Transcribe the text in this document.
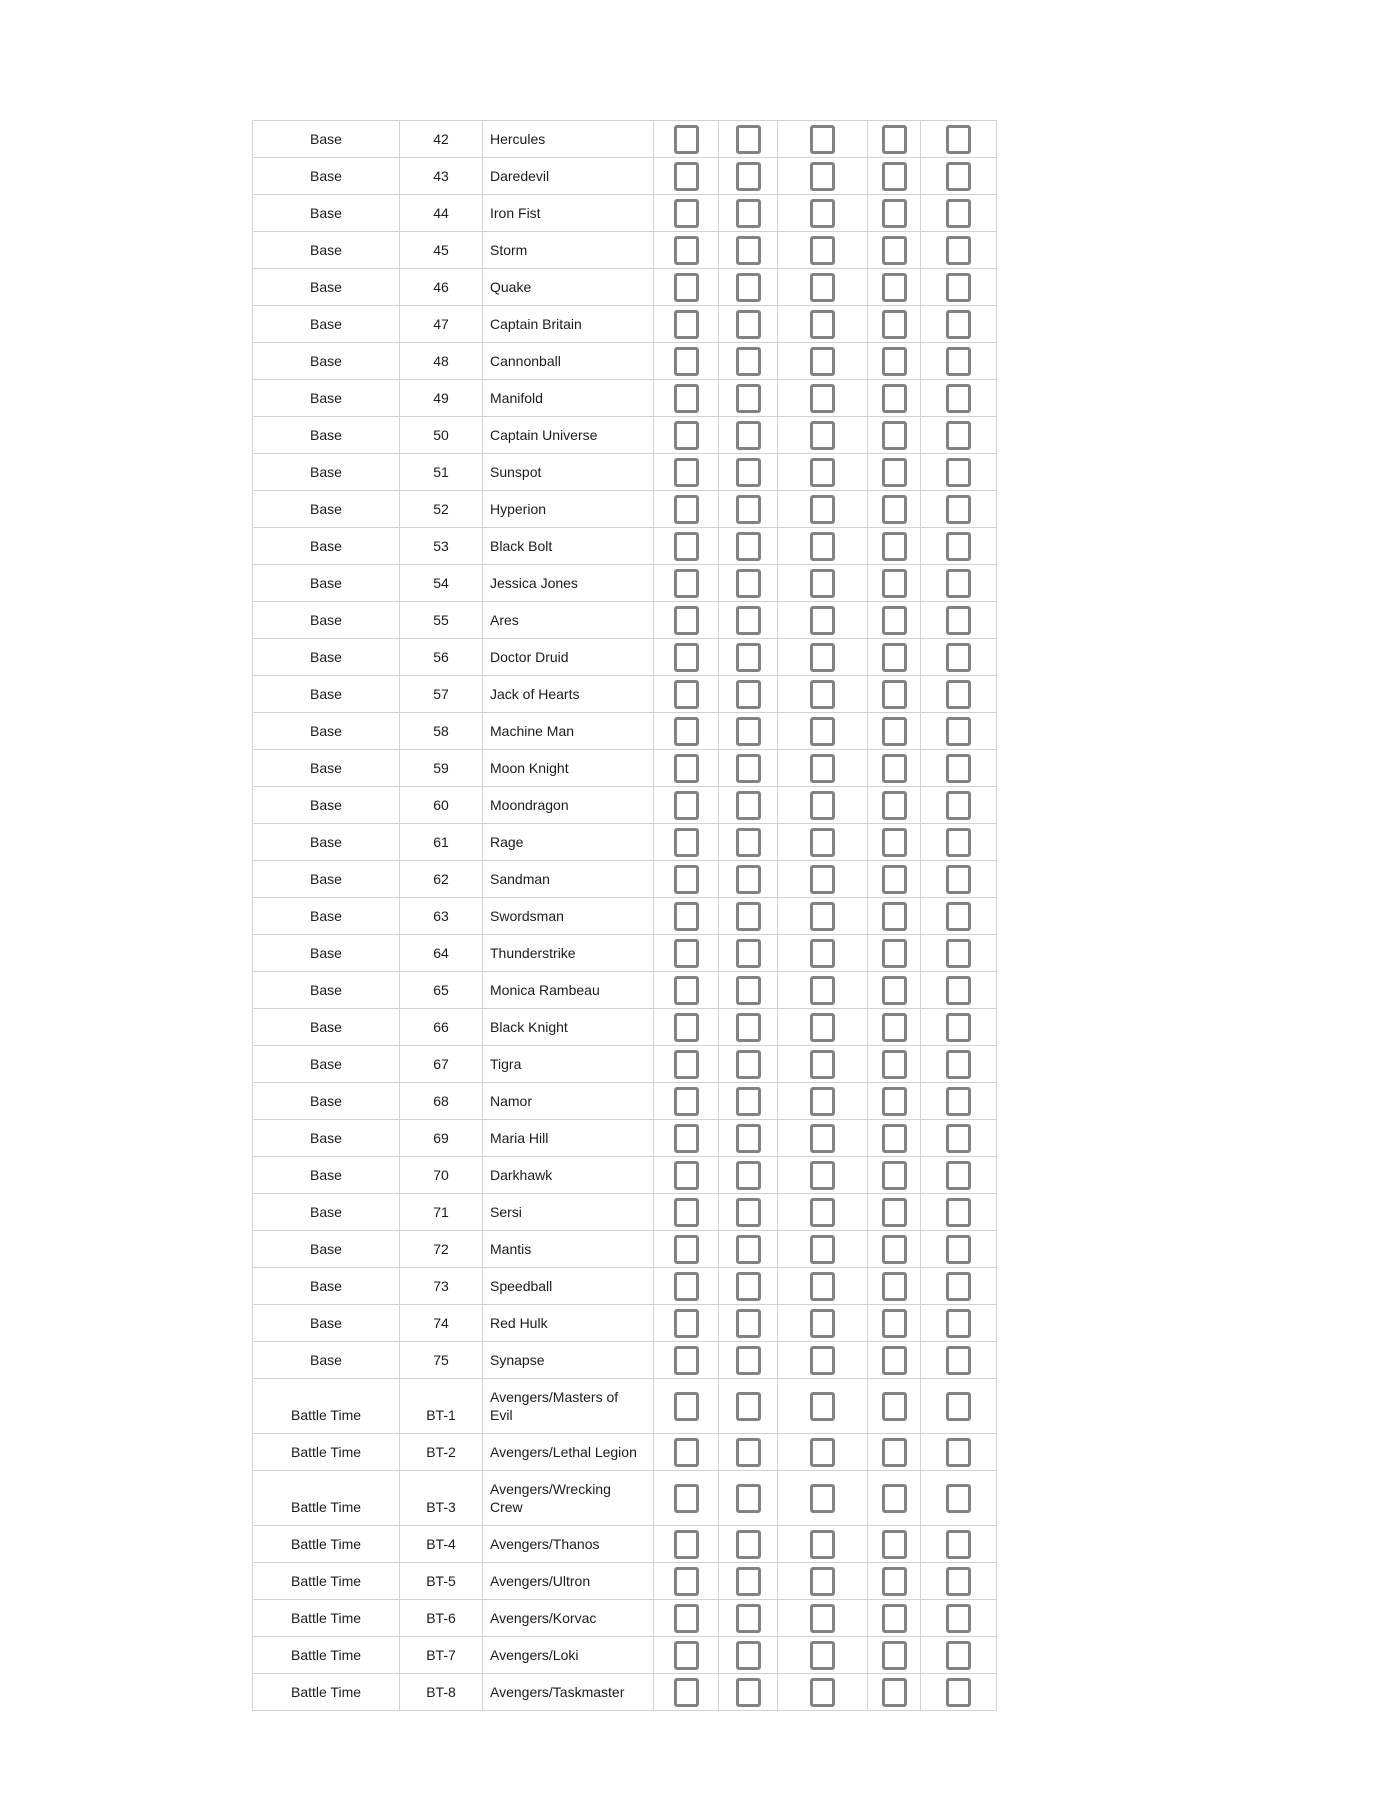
Base	42	Hercules	

Base	43	Daredevil	

Base	44	Iron Fist	

Base	45	Storm	

Base	46	Quake	

Base	47	Captain Britain	

Base	48	Cannonball	

Base	49	Manifold	

Base	50	Captain Universe	

Base	51	Sunspot	

Base	52	Hyperion	

Base	53	Black Bolt	

Base	54	Jessica Jones	

Base	55	Ares	

Base	56	Doctor Druid	

Base	57	Jack of Hearts	

Base	58	Machine Man	

Base	59	Moon Knight	

Base	60	Moondragon	

Base	61	Rage	

Base	62	Sandman	

Base	63	Swordsman	

Base	64	Thunderstrike	

Base	65	Monica Rambeau	

Base	66	Black Knight	

Base	67	Tigra	

Base	68	Namor	

Base	69	Maria Hill	

Base	70	Darkhawk	

Base	71	Sersi	

Base	72	Mantis	

Base	73	Speedball	

Base	74	Red Hulk	

Base	75	Synapse	

Battle Time	BT-1	Avengers/Masters of Evil	

Battle Time	BT-2	Avengers/Lethal Legion	

Battle Time	BT-3	Avengers/Wrecking Crew	

Battle Time	BT-4	Avengers/Thanos	

Battle Time	BT-5	Avengers/Ultron	

Battle Time	BT-6	Avengers/Korvac	

Battle Time	BT-7	Avengers/Loki	

Battle Time	BT-8	Avengers/Taskmaster	
